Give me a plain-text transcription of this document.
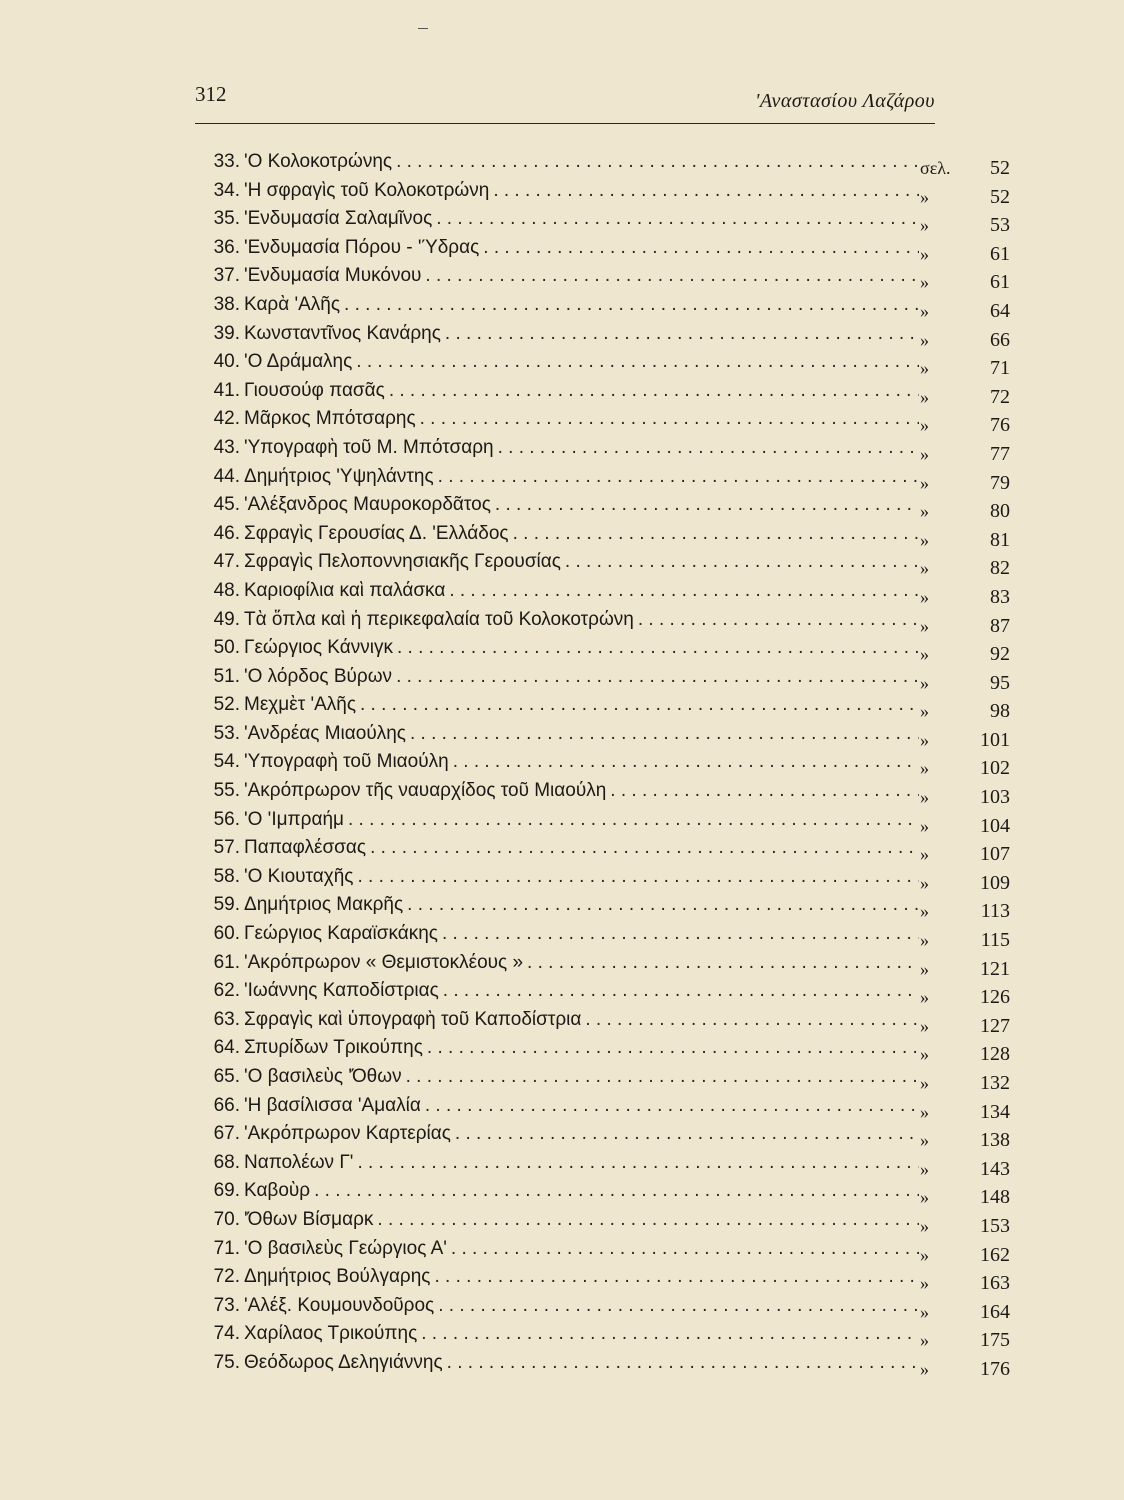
312	'Αναστασίου Λαζάρου
33. 'Ο Κολοκοτρώνης . . .	σελ.	52
34. 'Η σφραγὶς τοῦ Κολοκοτρώνη . . .	»	52
35. 'Ενδυμασία Σαλαμῖνος . . .	»	53
36. 'Ενδυμασία Πόρου - 'Ύδρας . . .	»	61
37. 'Ενδυμασία Μυκόνου . . .	»	61
38. Καρὰ 'Αλῆς . . .	»	64
39. Κωνσταντῖνος Κανάρης . . .	»	66
40. 'Ο Δράμαλης . . .	»	71
41. Γιουσούφ πασᾶς . . .	»	72
42. Μᾶρκος Μπότσαρης . . .	»	76
43. 'Υπογραφὴ τοῦ Μ. Μπότσαρη . . .	»	77
44. Δημήτριος 'Υψηλάντης . . .	»	79
45. 'Αλέξανδρος Μαυροκορδᾶτος . . .	»	80
46. Σφραγὶς Γερουσίας Δ. 'Ελλάδος . . .	»	81
47. Σφραγὶς Πελοποννησιακῆς Γερουσίας . . .	»	82
48. Καριοφίλια καὶ παλάσκα . . .	»	83
49. Τὰ ὅπλα καὶ ἡ περικεφαλαία τοῦ Κολοκοτρώνη . . .	»	87
50. Γεώργιος Κάννιγκ . . .	»	92
51. 'Ο λόρδος Βύρων . . .	»	95
52. Μεχμὲτ 'Αλῆς . . .	»	98
53. 'Ανδρέας Μιαούλης . . .	»	101
54. 'Υπογραφὴ τοῦ Μιαούλη . . .	»	102
55. 'Ακρόπρωρον τῆς ναυαρχίδος τοῦ Μιαούλη . . .	»	103
56. 'Ο 'Ιμπραήμ . . .	»	104
57. Παπαφλέσσας . . .	»	107
58. 'Ο Κιουταχῆς . . .	»	109
59. Δημήτριος Μακρῆς . . .	»	113
60. Γεώργιος Καραϊσκάκης . . .	»	115
61. 'Ακρόπρωρον « Θεμιστοκλέους » . . .	»	121
62. 'Ιωάννης Καποδίστριας . . .	»	126
63. Σφραγὶς καὶ ὑπογραφὴ τοῦ Καποδίστρια . . .	»	127
64. Σπυρίδων Τρικούπης . . .	»	128
65. 'Ο βασιλεὺς 'Όθων . . .	»	132
66. 'Η βασίλισσα 'Αμαλία . . .	»	134
67. 'Ακρόπρωρον Καρτερίας . . .	»	138
68. Ναπολέων Γ' . . .	»	143
69. Καβοὺρ . . .	»	148
70. 'Όθων Βίσμαρκ . . .	»	153
71. 'Ο βασιλεὺς Γεώργιος Α' . . .	»	162
72. Δημήτριος Βούλγαρης . . .	»	163
73. 'Αλέξ. Κουμουνδοῦρος . . .	»	164
74. Χαρίλαος Τρικούπης . . .	»	175
75. Θεόδωρος Δεληγιάννης . . .	»	176
